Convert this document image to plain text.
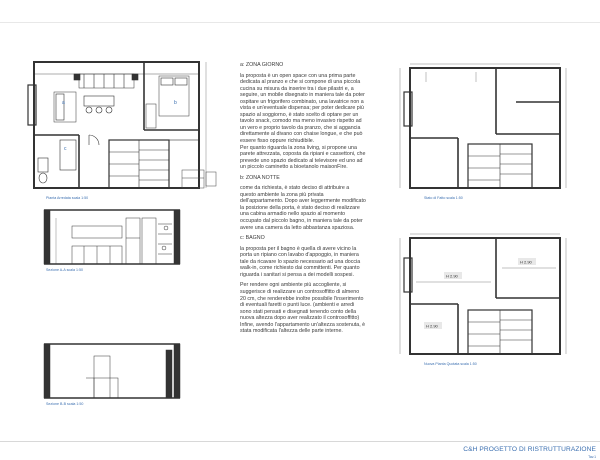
a	b
c
Pianta Arredata scala 1:50
Sezione A-A scala 1:50
Sezione B-B scala 1:50

a: ZONA GIORNO

la proposta è un open space con una prima parte dedicata al pranzo e che si compone di una piccola cucina su misura da inserire tra i due pilastri e, a seguire, un mobile disegnato in maniera tale da poter ospitare un frigorifero combinato, una lavatrice non a vista e un'eventuale dispensa; per poter dedicare più spazio al soggiorno, è stato scelto di optare per un tavolo snack, comodo ma meno invasivo rispetto ad un vero e proprio tavolo da pranzo, che si aggancia direttamente al divano con chaise longue, e che può essere fisso oppure richiudibile.

Per quanto riguarda la zona living, si propone una parete attrezzata, coposta da ripiani e cassettoni, che prevede uno spazio dedicato al televisore ed uno ad un piccolo caminetto a bioetanolo maisonFire.

b: ZONA NOTTE

come da richiesta, è stato deciso di attribuire a questo ambiente la zona più privata dell'appartamento. Dopo aver leggermente modificato la posizione della porta, è stato deciso di realizzare una cabina armadio nello spazio al momento occupato dal piccolo bagno, in maniera tale da poter avere una camera da letto abbastanza spaziosa.

c: BAGNO

la proposta per il bagno è quella di avere vicino la porta un ripiano con lavabo d'appoggio, in maniera tale da ricavare lo spazio necessario ad una doccia walk-in, come richiesto dai committenti. Per quanto riguarda i sanitari si pensa a dei modelli sospesi.

Per rendere ogni ambiente più accogliente, si suggerisce di realizzare un controsoffitto di almeno 20 cm, che renderebbe inoltre possibile l'inserimento di eventuali faretti o punti luce. (ambienti e arredi sono stati pensati e disegnati tenendo conto della nuova altezza dopo aver realizzato il controsoffitto) Infine, avendo l'appartamento un'altezza sostenuta, è stata modificata l'altezza delle parte interne.

Stato di Fatto scala 1:50
H 2.90
H 2.90
H 2.90
Nuova Pianta Quotata scala 1:50
C&H PROGETTO DI RISTRUTTURAZIONE
Tav.1
